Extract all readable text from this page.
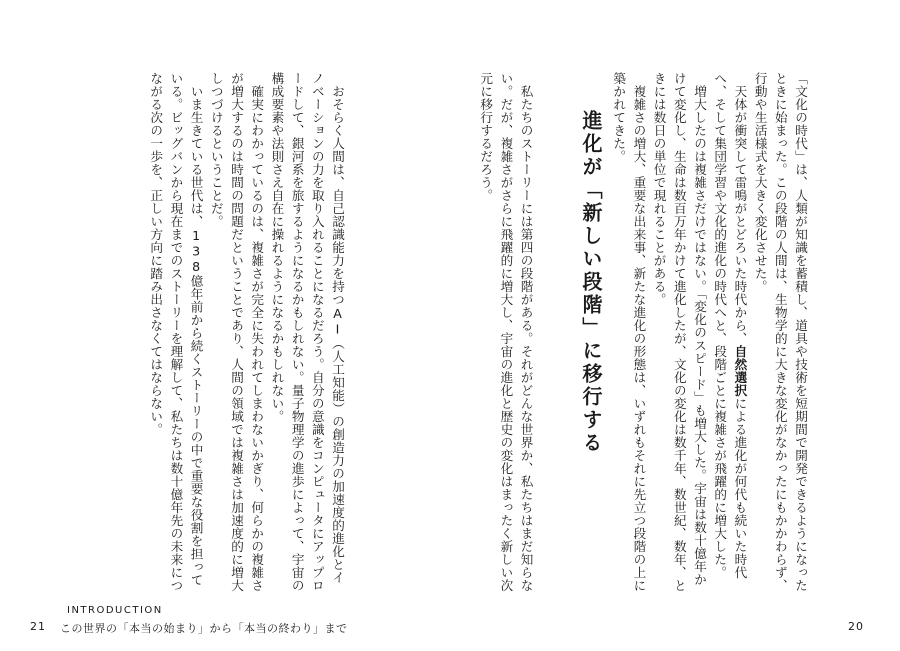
「文化の時代」は、人類が知識を蓄積し、道具や技術を短期間で開発できるようになったときに始まった。この段階の人間は、生物学的に大きな変化がなかったにもかかわらず、行動や生活様式を大きく変化させた。

天体が衝突して雷鳴がとどろいた時代から、自然選択による進化が何代も続いた時代へ、そして集団学習や文化的進化の時代へと、段階ごとに複雑さが飛躍的に増大した。

増大したのは複雑さだけではない。「変化のスピード」も増大した。宇宙は数十億年かけて変化し、生命は数百万年かけて進化したが、文化の変化は数千年、数世紀、数年、ときには数日の単位で現れることがある。

複雑さの増大、重要な出来事、新たな進化の形態は、いずれもそれに先立つ段階の上に築かれてきた。

進化が「新しい段階」に移行する

私たちのストーリーには第四の段階がある。それがどんな世界か、私たちはまだ知らない。だが、複雑さがさらに飛躍的に増大し、宇宙の進化と歴史の変化はまったく新しい次元に移行するだろう。

おそらく人間は、自己認識能力を持つAI（人工知能）の創造力の加速度的進化とイノベーションの力を取り入れることになるだろう。自分の意識をコンピュータにアップロードして、銀河系を旅するようになるかもしれない。量子物理学の進歩によって、宇宙の構成要素や法則さえ自在に操れるようになるかもしれない。

確実にわかっているのは、複雑さが完全に失われてしまわないかぎり、何らかの複雑さが増大するのは時間の問題だということであり、人間の領域では複雑さは加速度的に増大しつづけるということだ。

いま生きている世代は、138億年前から続くストーリーの中で重要な役割を担っている。ビッグバンから現在までのストーリーを理解して、私たちは数十億年先の未来につながる次の一歩を、正しい方向に踏み出さなくてはならない。

INTRODUCTION
この世界の「本当の始まり」から「本当の終わり」まで
21	20
